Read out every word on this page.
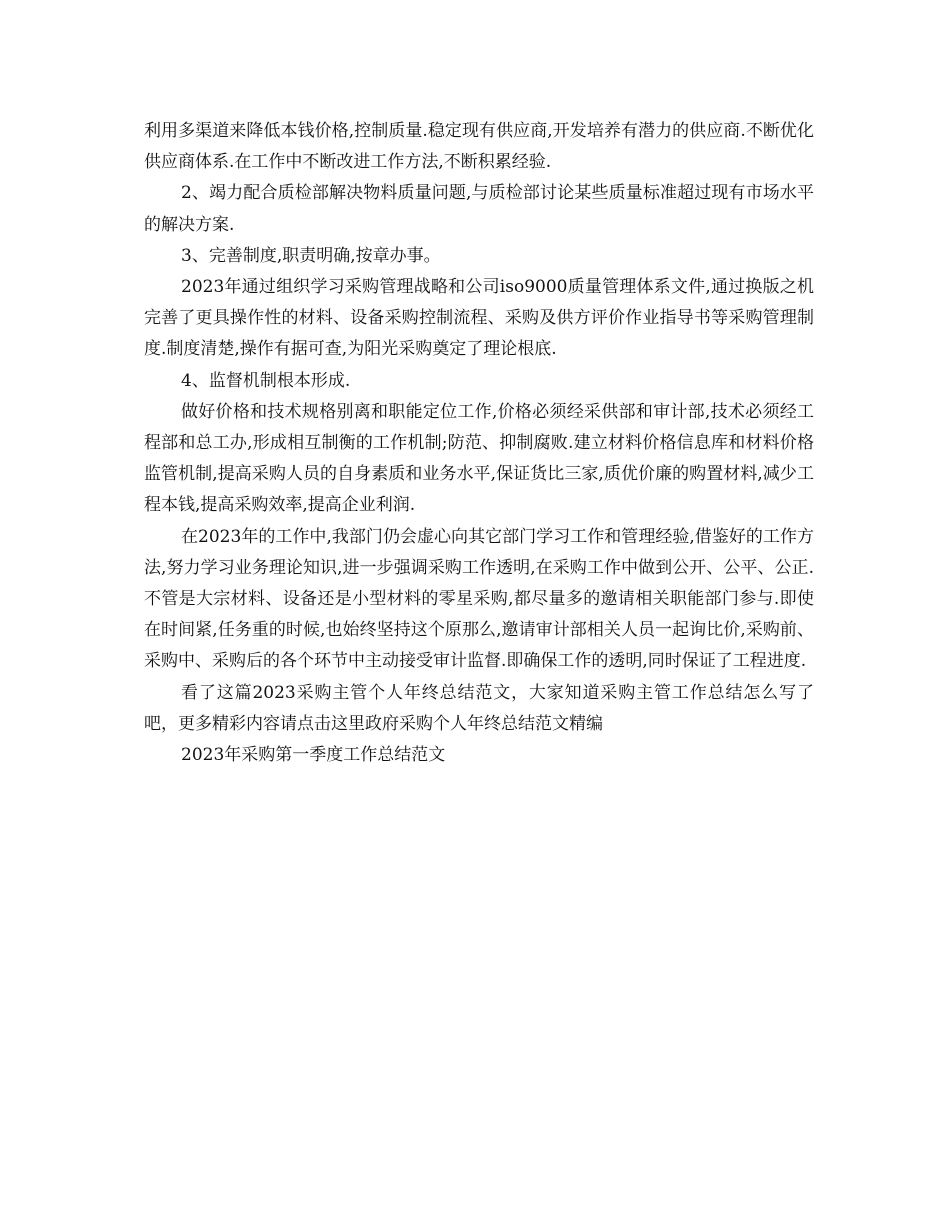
利用多渠道来降低本钱价格,控制质量.稳定现有供应商,开发培养有潜力的供应商.不断优化供应商体系.在工作中不断改进工作方法,不断积累经验.

2、竭力配合质检部解决物料质量问题,与质检部讨论某些质量标准超过现有市场水平的解决方案.

3、完善制度,职责明确,按章办事。

2023年通过组织学习采购管理战略和公司iso9000质量管理体系文件,通过换版之机完善了更具操作性的材料、设备采购控制流程、采购及供方评价作业指导书等采购管理制度.制度清楚,操作有据可查,为阳光采购奠定了理论根底.

4、监督机制根本形成.

做好价格和技术规格别离和职能定位工作,价格必须经采供部和审计部,技术必须经工程部和总工办,形成相互制衡的工作机制;防范、抑制腐败.建立材料价格信息库和材料价格监管机制,提高采购人员的自身素质和业务水平,保证货比三家,质优价廉的购置材料,减少工程本钱,提高采购效率,提高企业利润.

在2023年的工作中,我部门仍会虚心向其它部门学习工作和管理经验,借鉴好的工作方法,努力学习业务理论知识,进一步强调采购工作透明,在采购工作中做到公开、公平、公正.不管是大宗材料、设备还是小型材料的零星采购,都尽量多的邀请相关职能部门参与.即使在时间紧,任务重的时候,也始终坚持这个原那么,邀请审计部相关人员一起询比价,采购前、采购中、采购后的各个环节中主动接受审计监督.即确保工作的透明,同时保证了工程进度.

看了这篇2023采购主管个人年终总结范文，大家知道采购主管工作总结怎么写了吧，更多精彩内容请点击这里政府采购个人年终总结范文精编

2023年采购第一季度工作总结范文
